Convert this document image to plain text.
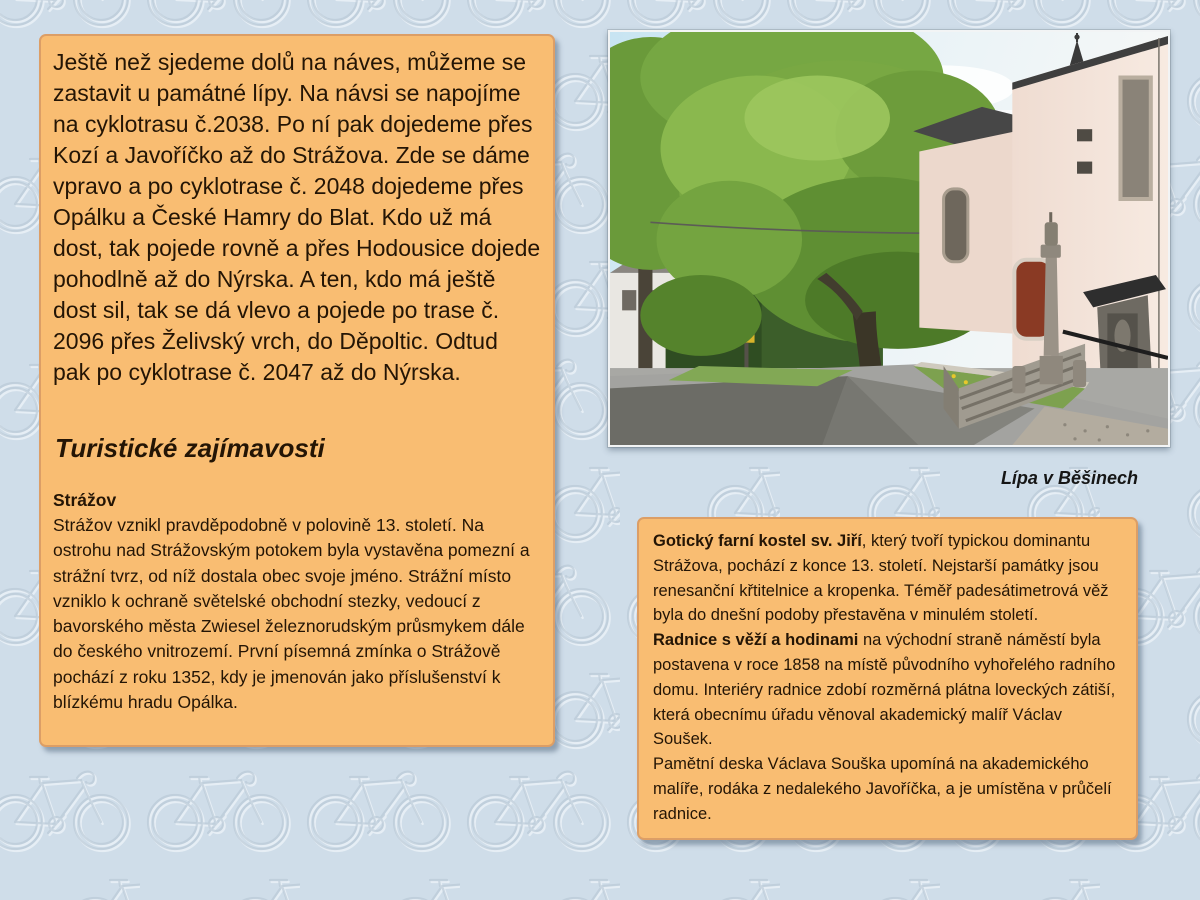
Ještě než sjedeme dolů na náves, můžeme se zastavit u památné lípy. Na návsi se napojíme na cyklotrasu č.2038. Po ní pak dojedeme přes Kozí a Javoříčko až do Strážova. Zde se dáme vpravo a po cyklotrase č. 2048 dojedeme přes Opálku a České Hamry do Blat. Kdo už má dost, tak pojede rovně a přes Hodousice dojede pohodlně až do Nýrska. A ten, kdo má ještě dost sil, tak se dá vlevo a pojede po trase č. 2096 přes Želivský vrch, do Děpoltic. Odtud pak po cyklotrase č. 2047 až do Nýrska.

Turistické zajímavosti

Strážov

Strážov vznikl pravděpodobně v polovině 13. století. Na ostrohu nad Strážovským potokem byla vystavěna pomezní a strážní tvrz, od níž dostala obec svoje jméno. Strážní místo vzniklo k ochraně světelské obchodní stezky, vedoucí z bavorského města Zwiesel železnorudským průsmykem dále do českého vnitrozemí. První písemná zmínka o Strážově pochází z roku 1352, kdy je jmenován jako příslušenství k blízkému hradu Opálka.

Lípa v Běšinech

Gotický farní kostel sv. Jiří, který tvoří typickou dominantu Strážova, pochází z konce 13. století. Nejstarší památky jsou renesanční křtitelnice a kropenka. Téměř padesátimetrová věž byla do dnešní podoby přestavěna v minulém století.

Radnice s věží a hodinami na východní straně náměstí byla postavena v roce 1858 na místě původního vyhořelého radního domu. Interiéry radnice zdobí rozměrná plátna loveckých zátiší, která obecnímu úřadu věnoval akademický malíř Václav Soušek.

Pamětní deska Václava Souška upomíná na akademického malíře, rodáka z nedalekého Javoříčka, a je umístěna v průčelí radnice.
